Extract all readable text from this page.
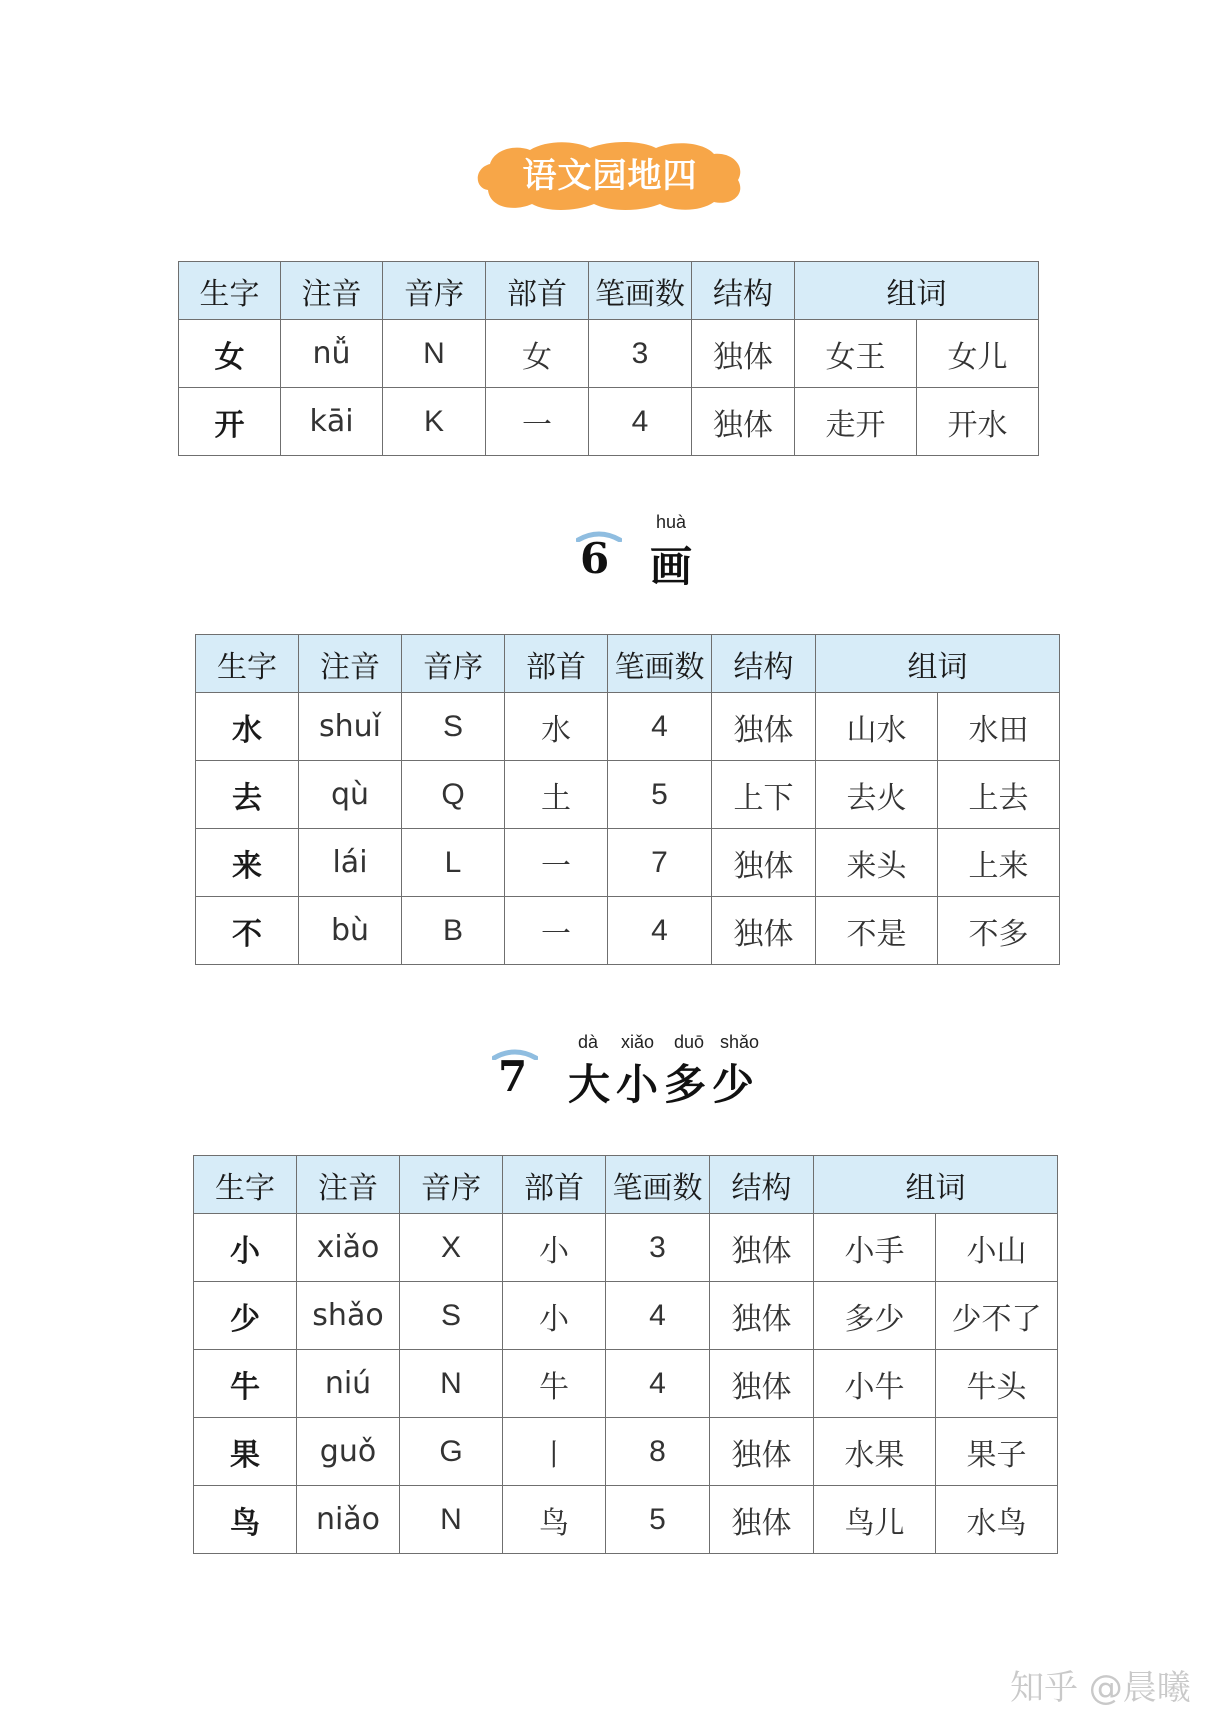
语文园地四
生字	注音	音序	部首	笔画数	结构	组词	
女	nǚ	N	女	3	独体	女王	女儿
开	kāi	K	一	4	独体	走开	开水
6
huà
画
生字	注音	音序	部首	笔画数	结构	组词	
水	shuǐ	S	水	4	独体	山水	水田
去	qù	Q	土	5	上下	去火	上去
来	lái	L	一	7	独体	来头	上来
不	bù	B	一	4	独体	不是	不多
7
dà xiǎo duō shǎo
大小多少
生字	注音	音序	部首	笔画数	结构	组词	
小	xiǎo	X	小	3	独体	小手	小山
少	shǎo	S	小	4	独体	多少	少不了
牛	niú	N	牛	4	独体	小牛	牛头
果	guǒ	G	丨	8	独体	水果	果子
鸟	niǎo	N	鸟	5	独体	鸟儿	水鸟
知乎 @晨曦
